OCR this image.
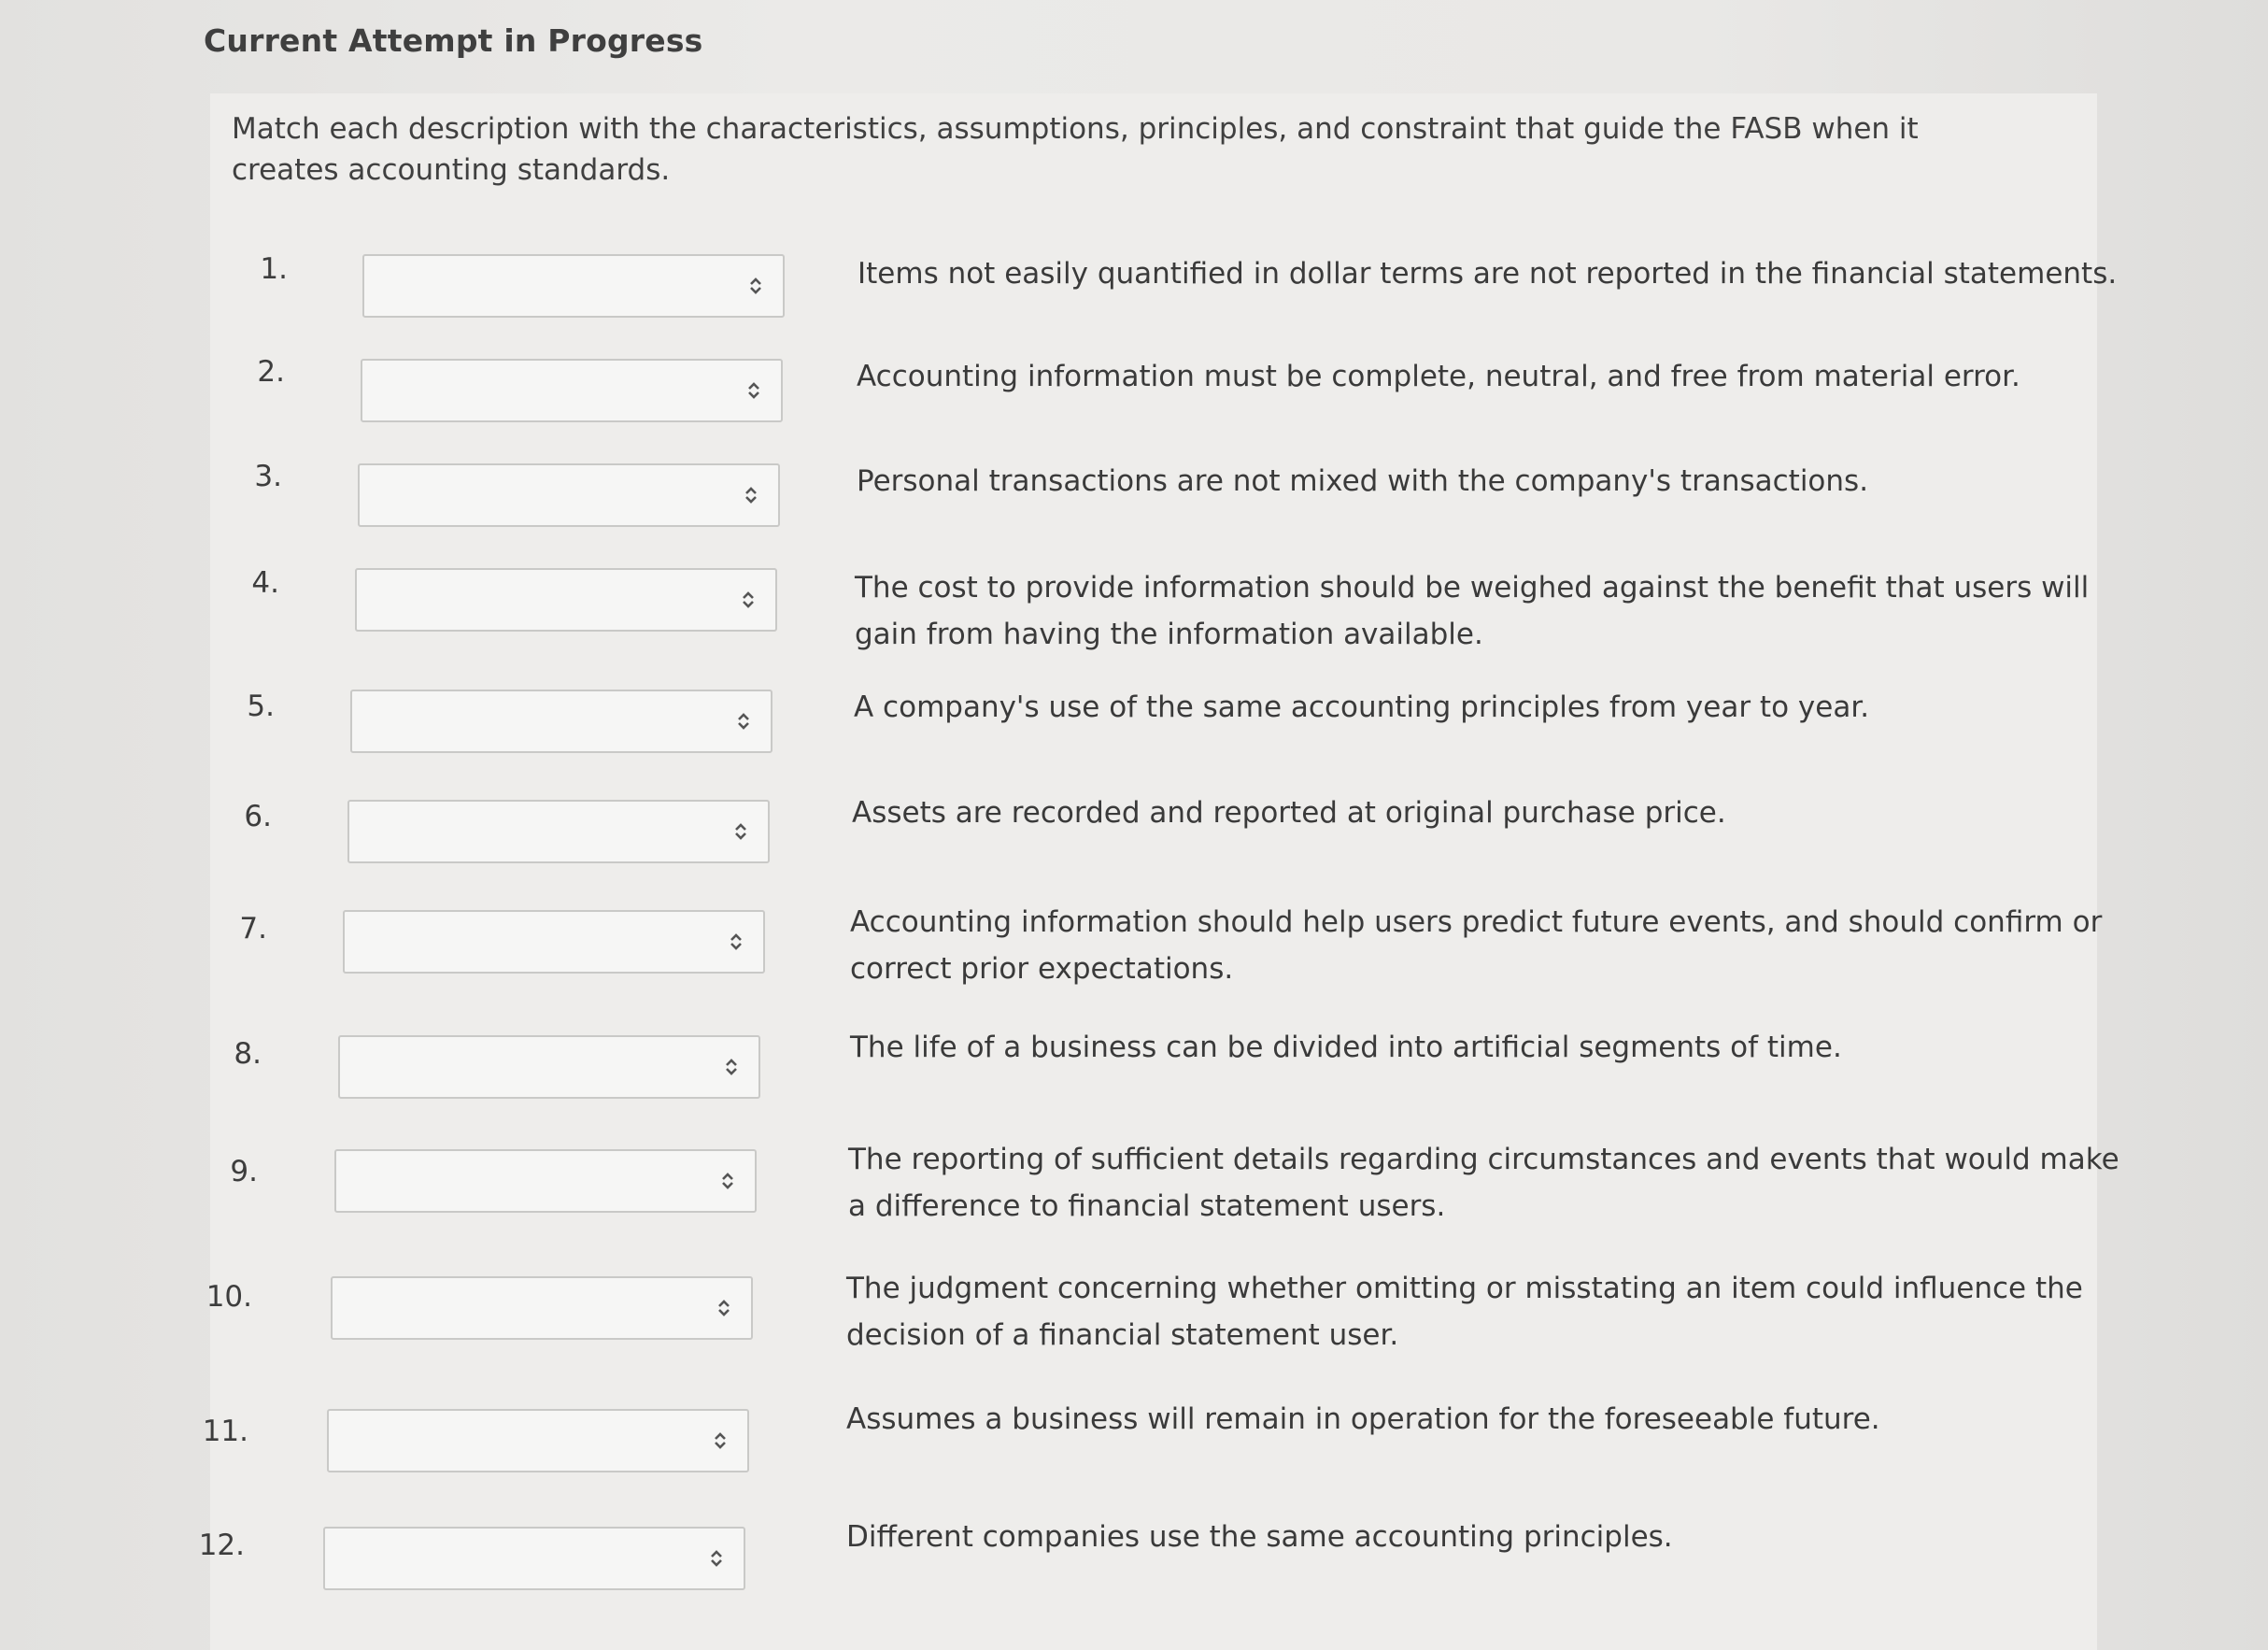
Current Attempt in Progress
Match each description with the characteristics, assumptions, principles, and constraint that guide the FASB when it creates accounting standards.
1.	Items not easily quantified in dollar terms are not reported in the financial statements.
2.	Accounting information must be complete, neutral, and free from material error.
3.	Personal transactions are not mixed with the company's transactions.
4.	The cost to provide information should be weighed against the benefit that users will gain from having the information available.
5.	A company's use of the same accounting principles from year to year.
6.	Assets are recorded and reported at original purchase price.
7.	Accounting information should help users predict future events, and should confirm or correct prior expectations.
8.	The life of a business can be divided into artificial segments of time.
9.	The reporting of sufficient details regarding circumstances and events that would make a difference to financial statement users.
10.	The judgment concerning whether omitting or misstating an item could influence the decision of a financial statement user.
11.	Assumes a business will remain in operation for the foreseeable future.
12.	Different companies use the same accounting principles.
